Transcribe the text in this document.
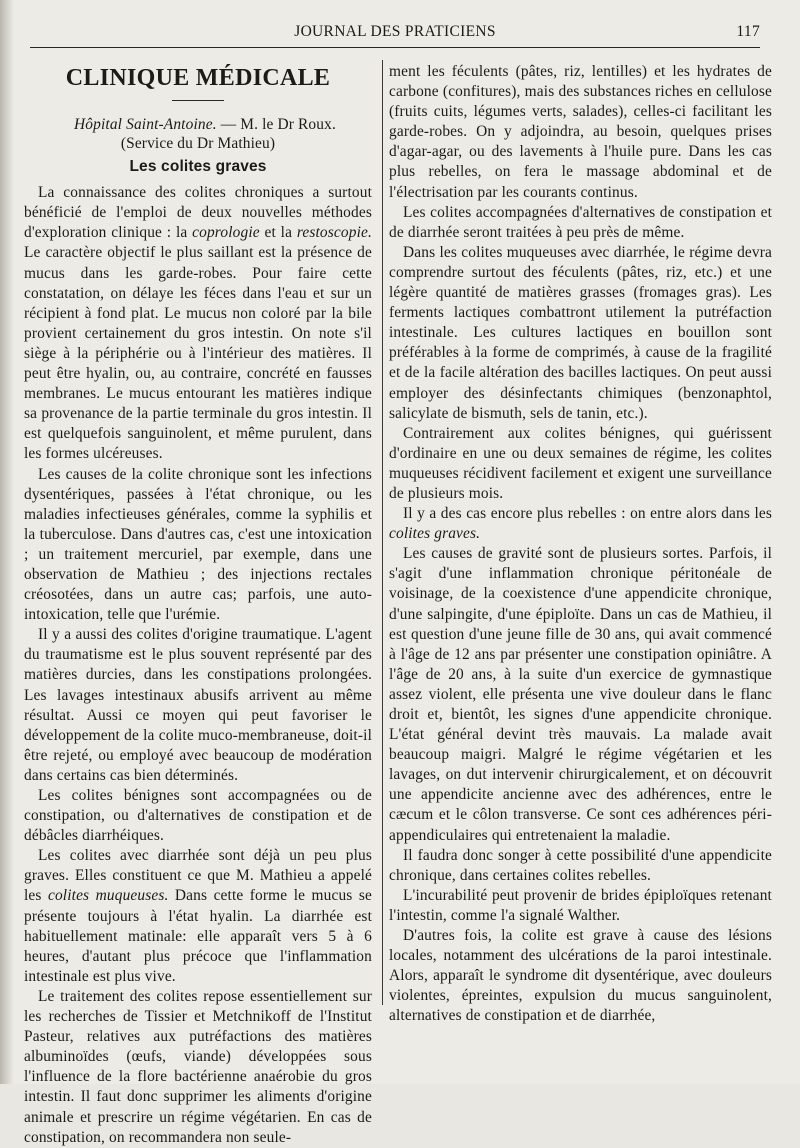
JOURNAL DES PRATICIENS	117
CLINIQUE MÉDICALE

Hôpital Saint-Antoine. — M. le Dr Roux.
(Service du Dr Mathieu)

Les colites graves

La connaissance des colites chroniques a surtout bénéficié de l'emploi de deux nouvelles méthodes d'exploration clinique : la coprologie et la restoscopie. Le caractère objectif le plus saillant est la présence de mucus dans les garde-robes. Pour faire cette constatation, on délaye les féces dans l'eau et sur un récipient à fond plat. Le mucus non coloré par la bile provient certainement du gros intestin. On note s'il siège à la périphérie ou à l'intérieur des matières. Il peut être hyalin, ou, au contraire, concrété en fausses membranes. Le mucus entourant les matières indique sa provenance de la partie terminale du gros intestin. Il est quelquefois sanguinolent, et même purulent, dans les formes ulcéreuses.

Les causes de la colite chronique sont les infections dysentériques, passées à l'état chronique, ou les maladies infectieuses générales, comme la syphilis et la tuberculose. Dans d'autres cas, c'est une intoxication ; un traitement mercuriel, par exemple, dans une observation de Mathieu ; des injections rectales créosotées, dans un autre cas; parfois, une auto-intoxication, telle que l'urémie.

Il y a aussi des colites d'origine traumatique. L'agent du traumatisme est le plus souvent représenté par des matières durcies, dans les constipations prolongées. Les lavages intestinaux abusifs arrivent au même résultat. Aussi ce moyen qui peut favoriser le développement de la colite muco-membraneuse, doit-il être rejeté, ou employé avec beaucoup de modération dans certains cas bien déterminés.

Les colites bénignes sont accompagnées ou de constipation, ou d'alternatives de constipation et de débâcles diarrhéiques.

Les colites avec diarrhée sont déjà un peu plus graves. Elles constituent ce que M. Mathieu a appelé les colites muqueuses. Dans cette forme le mucus se présente toujours à l'état hyalin. La diarrhée est habituellement matinale: elle apparaît vers 5 à 6 heures, d'autant plus précoce que l'inflammation intestinale est plus vive.

Le traitement des colites repose essentiellement sur les recherches de Tissier et Metchnikoff de l'Institut Pasteur, relatives aux putréfactions des matières albuminoïdes (œufs, viande) développées sous l'influence de la flore bactérienne anaérobie du gros intestin. Il faut donc supprimer les aliments d'origine animale et prescrire un régime végétarien. En cas de constipation, on recommandera non seule-

ment les féculents (pâtes, riz, lentilles) et les hydrates de carbone (confitures), mais des substances riches en cellulose (fruits cuits, légumes verts, salades), celles-ci facilitant les garde-robes. On y adjoindra, au besoin, quelques prises d'agar-agar, ou des lavements à l'huile pure. Dans les cas plus rebelles, on fera le massage abdominal et de l'électrisation par les courants continus.

Les colites accompagnées d'alternatives de constipation et de diarrhée seront traitées à peu près de même.

Dans les colites muqueuses avec diarrhée, le régime devra comprendre surtout des féculents (pâtes, riz, etc.) et une légère quantité de matières grasses (fromages gras). Les ferments lactiques combattront utilement la putréfaction intestinale. Les cultures lactiques en bouillon sont préférables à la forme de comprimés, à cause de la fragilité et de la facile altération des bacilles lactiques. On peut aussi employer des désinfectants chimiques (benzonaphtol, salicylate de bismuth, sels de tanin, etc.).

Contrairement aux colites bénignes, qui guérissent d'ordinaire en une ou deux semaines de régime, les colites muqueuses récidivent facilement et exigent une surveillance de plusieurs mois.

Il y a des cas encore plus rebelles : on entre alors dans les colites graves.

Les causes de gravité sont de plusieurs sortes. Parfois, il s'agit d'une inflammation chronique péritonéale de voisinage, de la coexistence d'une appendicite chronique, d'une salpingite, d'une épiploïte. Dans un cas de Mathieu, il est question d'une jeune fille de 30 ans, qui avait commencé à l'âge de 12 ans par présenter une constipation opiniâtre. A l'âge de 20 ans, à la suite d'un exercice de gymnastique assez violent, elle présenta une vive douleur dans le flanc droit et, bientôt, les signes d'une appendicite chronique. L'état général devint très mauvais. La malade avait beaucoup maigri. Malgré le régime végétarien et les lavages, on dut intervenir chirurgicalement, et on découvrit une appendicite ancienne avec des adhérences, entre le cæcum et le côlon transverse. Ce sont ces adhérences péri-appendiculaires qui entretenaient la maladie.

Il faudra donc songer à cette possibilité d'une appendicite chronique, dans certaines colites rebelles.

L'incurabilité peut provenir de brides épiploïques retenant l'intestin, comme l'a signalé Walther.

D'autres fois, la colite est grave à cause des lésions locales, notamment des ulcérations de la paroi intestinale. Alors, apparaît le syndrome dit dysentérique, avec douleurs violentes, épreintes, expulsion du mucus sanguinolent, alternatives de constipation et de diarrhée,
